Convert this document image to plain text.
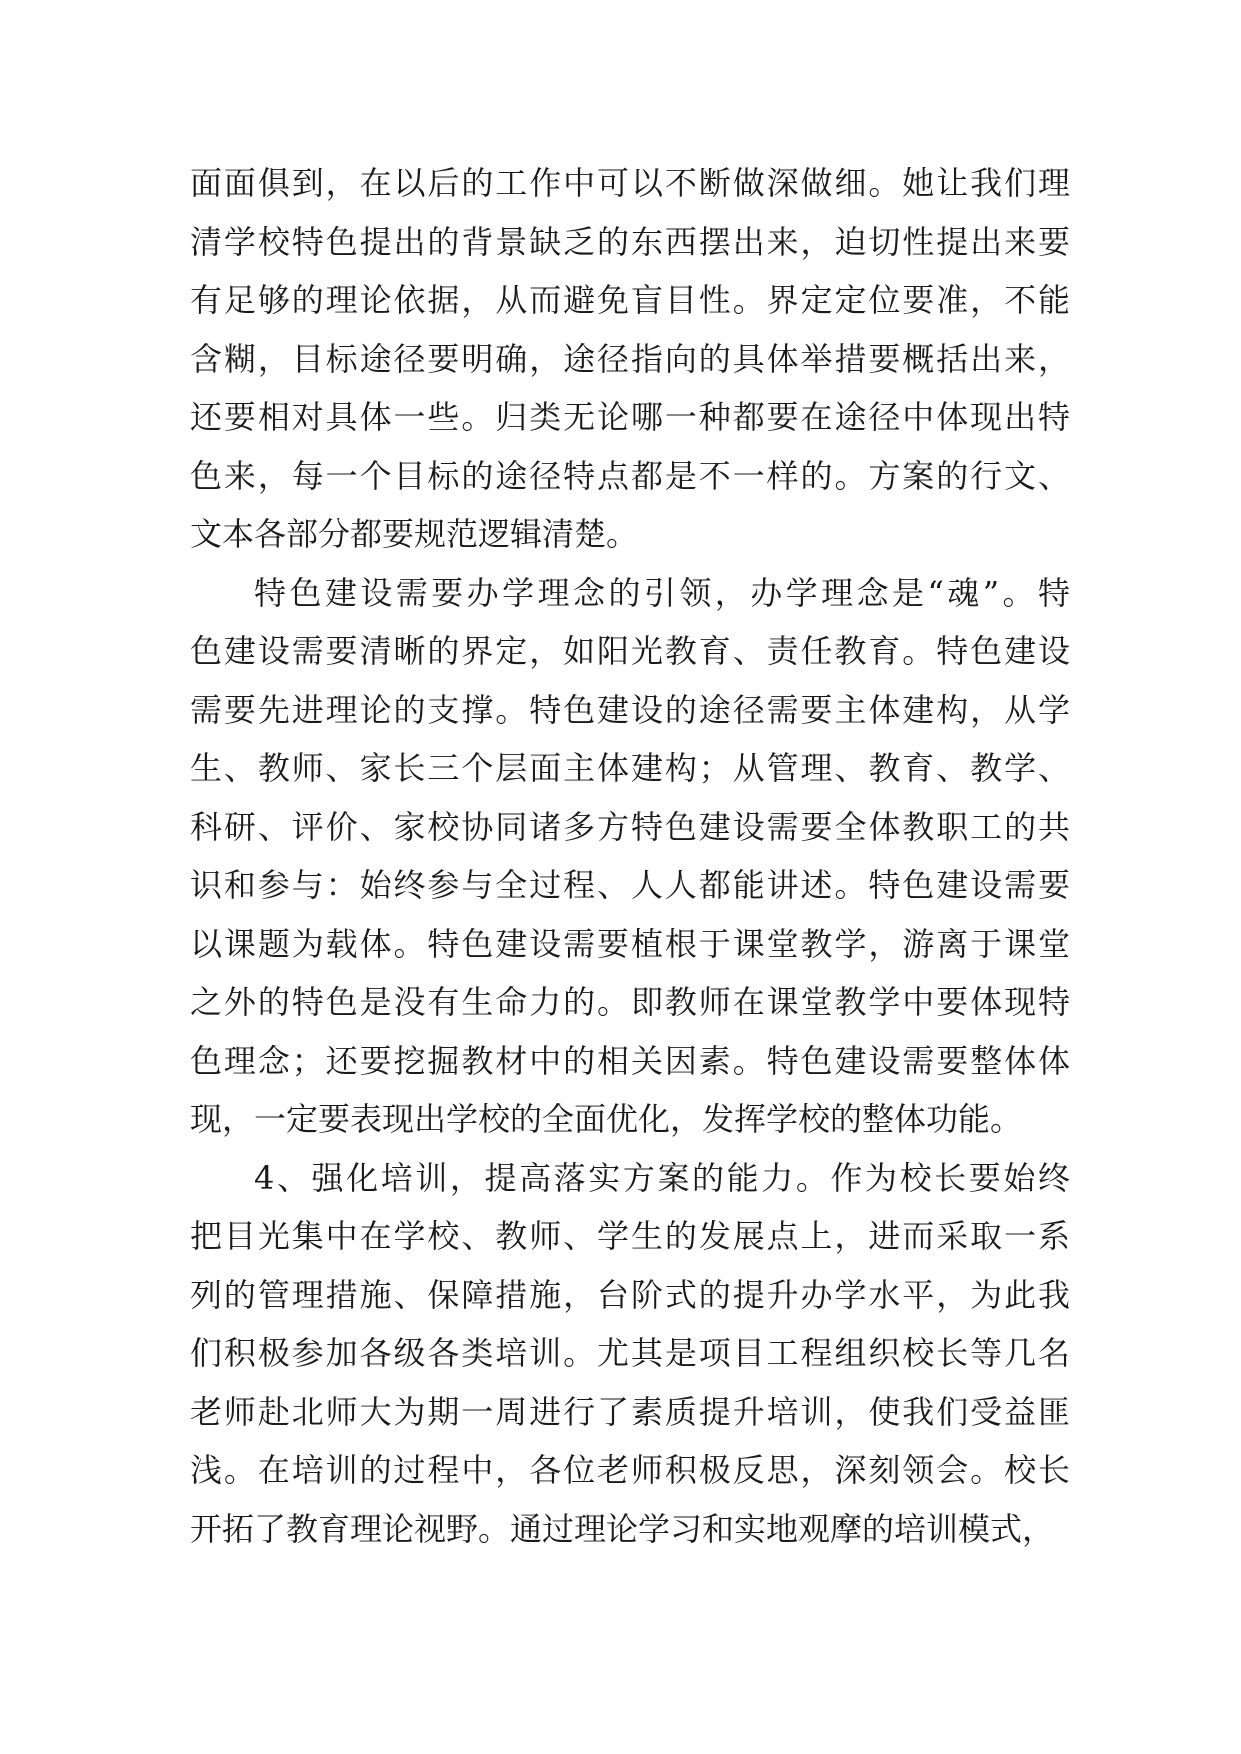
面面俱到，在以后的工作中可以不断做深做细。她让我们理
清学校特色提出的背景缺乏的东西摆出来，迫切性提出来要
有足够的理论依据，从而避免盲目性。界定定位要准，不能
含糊，目标途径要明确，途径指向的具体举措要概括出来，
还要相对具体一些。归类无论哪一种都要在途径中体现出特
色来，每一个目标的途径特点都是不一样的。方案的行文、
文本各部分都要规范逻辑清楚。
特色建设需要办学理念的引领，办学理念是“魂”。特
色建设需要清晰的界定，如阳光教育、责任教育。特色建设
需要先进理论的支撑。特色建设的途径需要主体建构，从学
生、教师、家长三个层面主体建构；从管理、教育、教学、
科研、评价、家校协同诸多方特色建设需要全体教职工的共
识和参与：始终参与全过程、人人都能讲述。特色建设需要
以课题为载体。特色建设需要植根于课堂教学，游离于课堂
之外的特色是没有生命力的。即教师在课堂教学中要体现特
色理念；还要挖掘教材中的相关因素。特色建设需要整体体
现，一定要表现出学校的全面优化，发挥学校的整体功能。
4、强化培训，提高落实方案的能力。作为校长要始终
把目光集中在学校、教师、学生的发展点上，进而采取一系
列的管理措施、保障措施，台阶式的提升办学水平，为此我
们积极参加各级各类培训。尤其是项目工程组织校长等几名
老师赴北师大为期一周进行了素质提升培训，使我们受益匪
浅。在培训的过程中，各位老师积极反思，深刻领会。校长
开拓了教育理论视野。通过理论学习和实地观摩的培训模式，
